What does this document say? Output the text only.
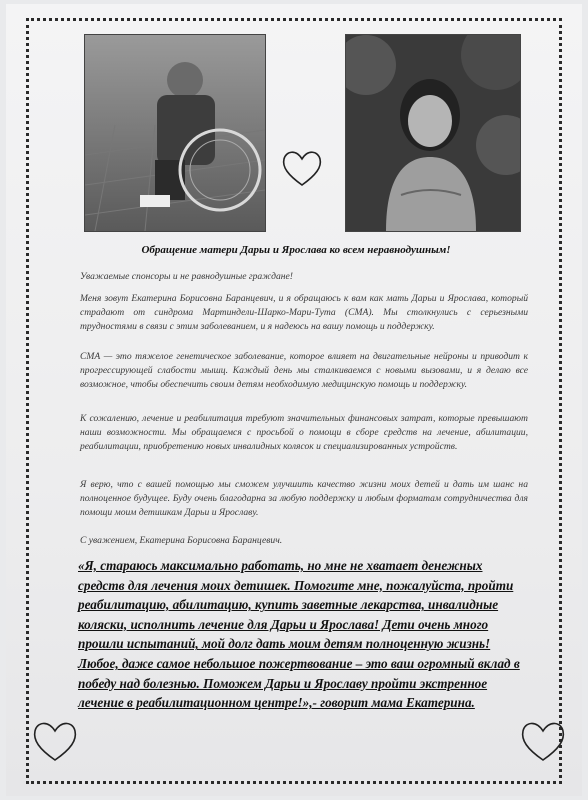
Обращение матери Дарьи и Ярослава ко всем неравнодушным!

Уважаемые спонсоры и не равнодушные граждане!

Меня зовут Екатерина Борисовна Баранцевич, и я обращаюсь к вам как мать Дарьи и Ярослава, который страдают от синдрома Мартиндели-Шарко-Мари-Тута (СМА). Мы столкнулись с серьезными трудностями в связи с этим заболеванием, и я надеюсь на вашу помощь и поддержку.

СМА — это тяжелое генетическое заболевание, которое влияет на двигательные нейроны и приводит к прогрессирующей слабости мышц. Каждый день мы сталкиваемся с новыми вызовами, и я делаю все возможное, чтобы обеспечить своим детям необходимую медицинскую помощь и поддержку.

К сожалению, лечение и реабилитация требуют значительных финансовых затрат, которые превышают наши возможности. Мы обращаемся с просьбой о помощи в сборе средств на лечение, абилитации, реабилитации, приобретению новых инвалидных колясок и специализированных устройств.

Я верю, что с вашей помощью мы сможем улучшить качество жизни моих детей и дать им шанс на полноценное будущее. Буду очень благодарна за любую поддержку и любым форматам сотрудничества для помощи моим детишкам Дарьи и Ярославу.

С уважением, Екатерина Борисовна Баранцевич.

«Я, стараюсь максимально работать, но мне не хватает денежных средств для лечения моих детишек. Помогите мне, пожалуйста, пройти реабилитацию, абилитацию, купить заветные лекарства, инвалидные коляски, исполнить лечение для Дарьи и Ярослава! Дети очень много прошли испытаний, мой долг дать моим детям полноценную жизнь! Любое, даже самое небольшое пожертвование – это ваш огромный вклад в победу над болезнью. Поможем Дарьи и Ярославу пройти экстренное лечение в реабилитационном центре!»,- говорит мама Екатерина.
